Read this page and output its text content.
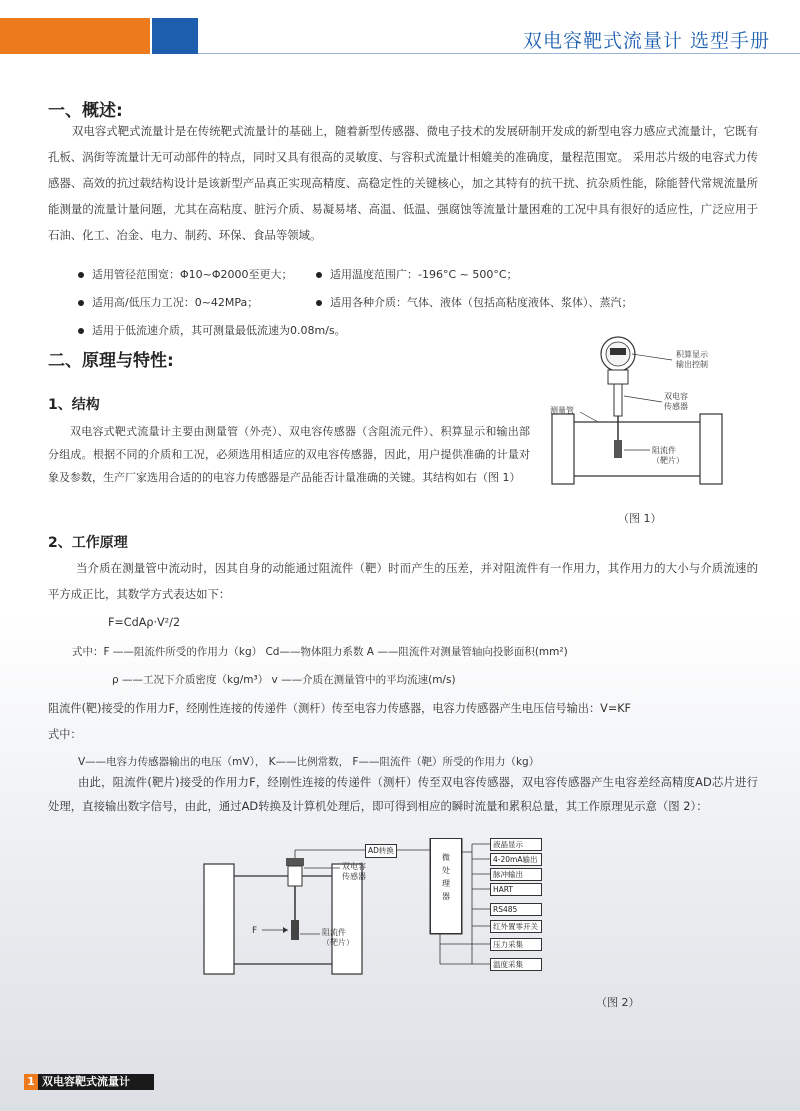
双电容靶式流量计 选型手册
一、概述:
双电容式靶式流量计是在传统靶式流量计的基础上，随着新型传感器、微电子技术的发展研制开发成的新型电容力感应式流量计，它既有孔板、涡街等流量计无可动部件的特点，同时又具有很高的灵敏度、与容积式流量计相媲美的准确度，量程范围宽。 采用芯片级的电容式力传感器、高效的抗过载结构设计是该新型产品真正实现高精度、高稳定性的关键核心，加之其特有的抗干扰、抗杂质性能，除能替代常规流量所能测量的流量计量问题，尤其在高粘度、脏污介质、易凝易堵、高温、低温、强腐蚀等流量计量困难的工况中具有很好的适应性，广泛应用于石油、化工、冶金、电力、制药、环保、食品等领域。
适用管径范围宽：Φ10~Φ2000至更大；	适用温度范围广：-196°C ~ 500°C；
适用高/低压力工况：0~42MPa；	适用各种介质：气体、液体（包括高粘度液体、浆体）、蒸汽；
适用于低流速介质，其可测量最低流速为0.08m/s。
二、原理与特性:
1、结构
双电容式靶式流量计主要由测量管（外壳）、双电容传感器（含阻流元件）、积算显示和输出部分组成。根据不同的介质和工况，必须选用相适应的双电容传感器，因此，用户提供准确的计量对象及参数，生产厂家选用合适的的电容力传感器是产品能否计量准确的关键。其结构如右（图 1）
积算显示
输出控制
双电容
传感器
测量管
阻流件
（靶片）
（图 1）
2、工作原理
当介质在测量管中流动时，因其自身的动能通过阻流件（靶）时而产生的压差，并对阻流件有一作用力，其作用力的大小与介质流速的平方成正比，其数学方式表达如下：
F=CdAρ·V²/2
式中：F ——阻流件所受的作用力（kg） Cd——物体阻力系数 A ——阻流件对测量管轴向投影面积(mm²)
ρ ——工况下介质密度（kg/m³） v ——介质在测量管中的平均流速(m/s)
阻流件(靶)接受的作用力F，经刚性连接的传递件（测杆）传至电容力传感器，电容力传感器产生电压信号输出：V=KF
式中：
V——电容力传感器输出的电压（mV）， K——比例常数， F——阻流件（靶）所受的作用力（kg）
由此，阻流件(靶片)接受的作用力F，经刚性连接的传递件（测杆）传至双电容传感器，双电容传感器产生电容差经高精度AD芯片进行处理，直接输出数字信号，由此，通过AD转换及计算机处理后，即可得到相应的瞬时流量和累积总量，其工作原理见示意（图 2）：
AD转换
微
处
理
器
液晶显示
4-20mA输出
脉冲输出
HART
RS485
红外置零开关
压力采集
温度采集
双电容
传感器
阻流件
（靶片）
F
（图 2）
1 双电容靶式流量计
